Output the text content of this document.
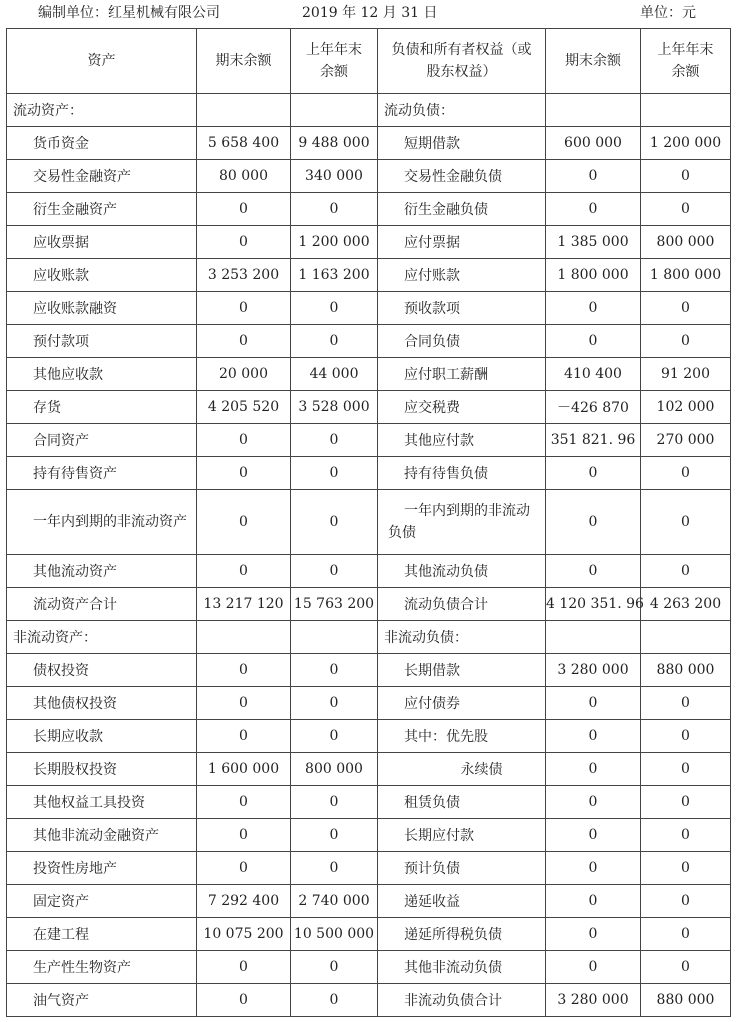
编制单位：红星机械有限公司	2019 年 12 月 31 日	单位：元
资产	期末余额	上年年末余额	负债和所有者权益（或股东权益）	期末余额	上年年末余额
流动资产：			流动负债：		
货币资金	5 658 400	9 488 000	短期借款	600 000	1 200 000
交易性金融资产	80 000	340 000	交易性金融负债	0	0
衍生金融资产	0	0	衍生金融负债	0	0
应收票据	0	1 200 000	应付票据	1 385 000	800 000
应收账款	3 253 200	1 163 200	应付账款	1 800 000	1 800 000
应收账款融资	0	0	预收款项	0	0
预付款项	0	0	合同负债	0	0
其他应收款	20 000	44 000	应付职工薪酬	410 400	91 200
存货	4 205 520	3 528 000	应交税费	－426 870	102 000
合同资产	0	0	其他应付款	351 821. 96	270 000
持有待售资产	0	0	持有待售负债	0	0
一年内到期的非流动资产	0	0	一年内到期的非流动负债	0	0
其他流动资产	0	0	其他流动负债	0	0
流动资产合计	13 217 120	15 763 200	流动负债合计	4 120 351. 96	4 263 200
非流动资产：			非流动负债：		
债权投资	0	0	长期借款	3 280 000	880 000
其他债权投资	0	0	应付债券	0	0
长期应收款	0	0	其中：优先股	0	0
长期股权投资	1 600 000	800 000	永续债	0	0
其他权益工具投资	0	0	租赁负债	0	0
其他非流动金融资产	0	0	长期应付款	0	0
投资性房地产	0	0	预计负债	0	0
固定资产	7 292 400	2 740 000	递延收益	0	0
在建工程	10 075 200	10 500 000	递延所得税负债	0	0
生产性生物资产	0	0	其他非流动负债	0	0
油气资产	0	0	非流动负债合计	3 280 000	880 000
